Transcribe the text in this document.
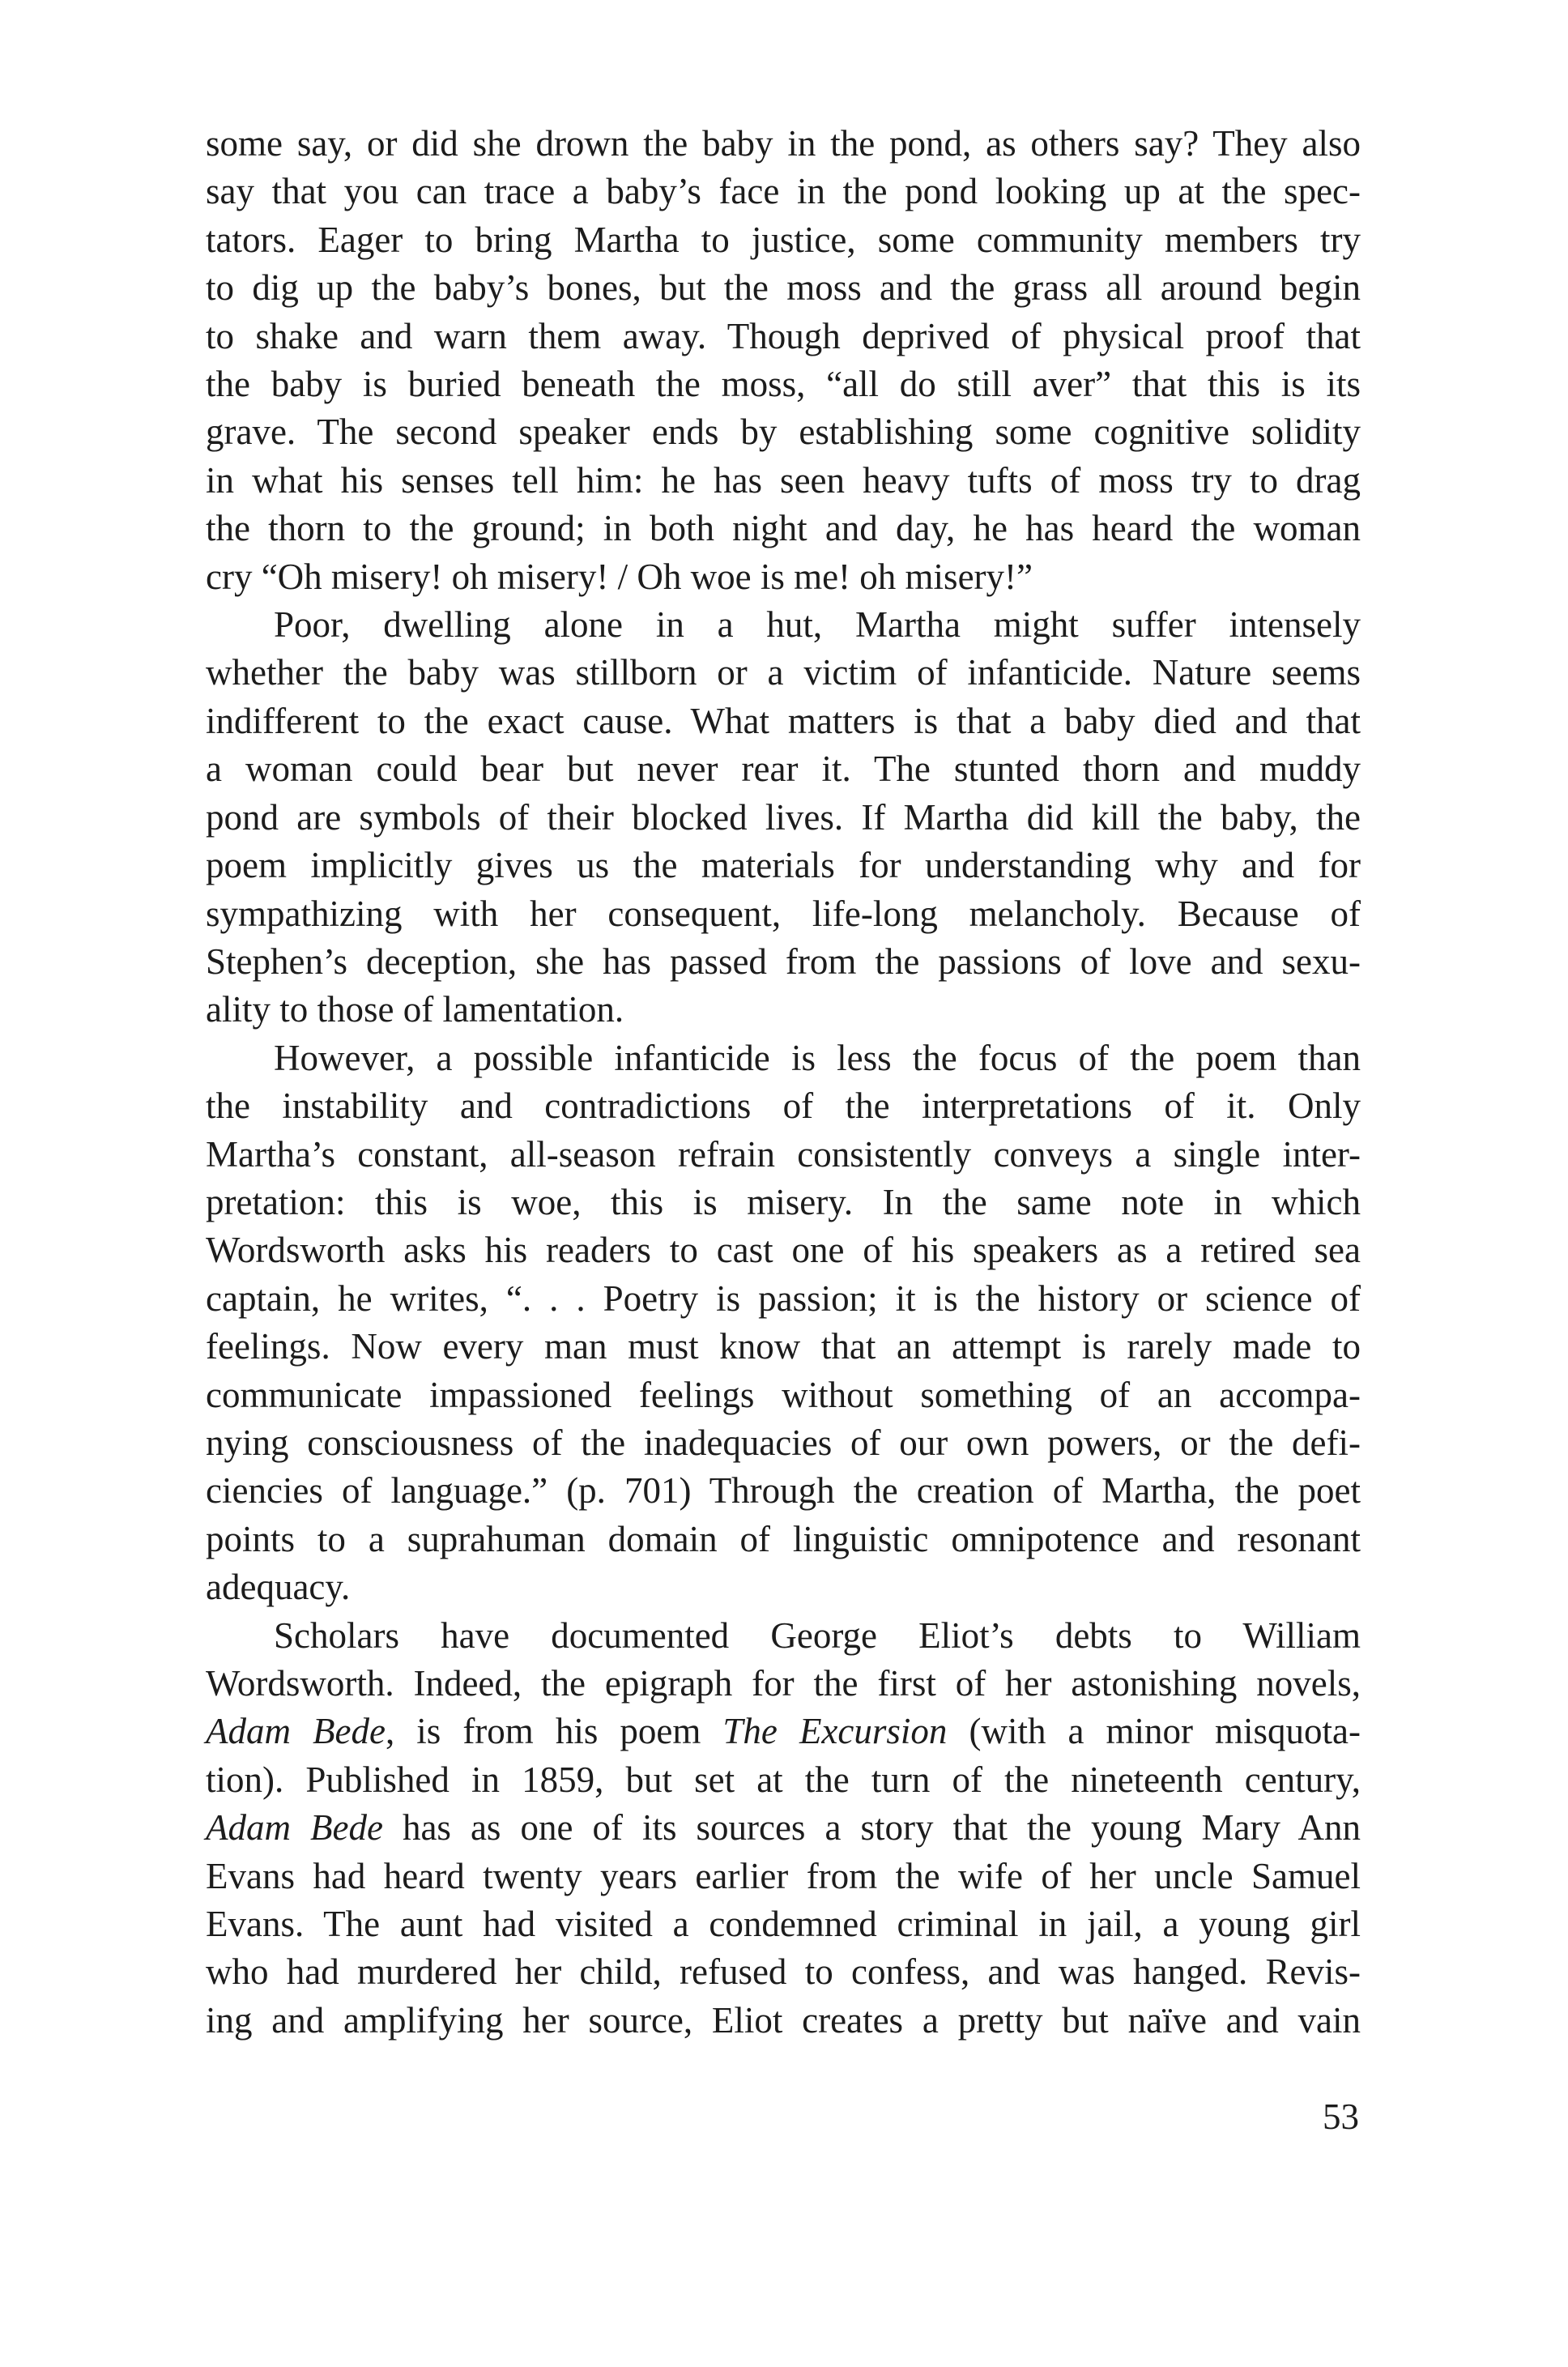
some say, or did she drown the baby in the pond, as others say? They also
say that you can trace a baby’s face in the pond looking up at the spec-
tators. Eager to bring Martha to justice, some community members try
to dig up the baby’s bones, but the moss and the grass all around begin
to shake and warn them away. Though deprived of physical proof that
the baby is buried beneath the moss, “all do still aver” that this is its
grave. The second speaker ends by establishing some cognitive solidity
in what his senses tell him: he has seen heavy tufts of moss try to drag
the thorn to the ground; in both night and day, he has heard the woman
cry “Oh misery! oh misery! / Oh woe is me! oh misery!”

Poor, dwelling alone in a hut, Martha might suffer intensely
whether the baby was stillborn or a victim of infanticide. Nature seems
indifferent to the exact cause. What matters is that a baby died and that
a woman could bear but never rear it. The stunted thorn and muddy
pond are symbols of their blocked lives. If Martha did kill the baby, the
poem implicitly gives us the materials for understanding why and for
sympathizing with her consequent, life-long melancholy. Because of
Stephen’s deception, she has passed from the passions of love and sexu-
ality to those of lamentation.

However, a possible infanticide is less the focus of the poem than
the instability and contradictions of the interpretations of it. Only
Martha’s constant, all-season refrain consistently conveys a single inter-
pretation: this is woe, this is misery. In the same note in which
Wordsworth asks his readers to cast one of his speakers as a retired sea
captain, he writes, “. . . Poetry is passion; it is the history or science of
feelings. Now every man must know that an attempt is rarely made to
communicate impassioned feelings without something of an accompa-
nying consciousness of the inadequacies of our own powers, or the defi-
ciencies of language.” (p. 701) Through the creation of Martha, the poet
points to a suprahuman domain of linguistic omnipotence and resonant
adequacy.

Scholars have documented George Eliot’s debts to William
Wordsworth. Indeed, the epigraph for the first of her astonishing novels,
Adam Bede, is from his poem The Excursion (with a minor misquota-
tion). Published in 1859, but set at the turn of the nineteenth century,
Adam Bede has as one of its sources a story that the young Mary Ann
Evans had heard twenty years earlier from the wife of her uncle Samuel
Evans. The aunt had visited a condemned criminal in jail, a young girl
who had murdered her child, refused to confess, and was hanged. Revis-
ing and amplifying her source, Eliot creates a pretty but naïve and vain

53
